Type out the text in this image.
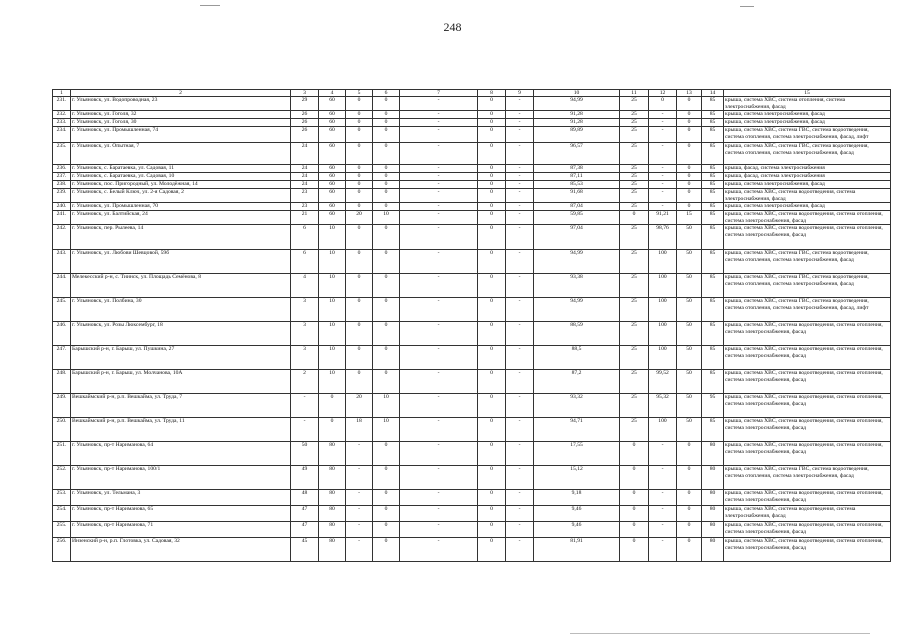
248
1	2	3	4	5	6	7	8	9	10	11	12	13	14	15
231.	г. Ульяновск, ул. Водопроводная, 23	29	60	0	0	-	0	-	94,99	25	0	0	85	крыша, система ХВС, система отопления, система электроснабжения, фасад
232.	г. Ульяновск, ул. Гоголя, 32	26	60	0	0	-	0	-	91,28	25	-	0	85	крыша, система электроснабжения, фасад
233.	г. Ульяновск, ул. Гоголя, 30	26	60	0	0	-	0	-	91,28	25	-	0	85	крыша, система электроснабжения, фасад
234.	г. Ульяновск, ул. Промышленная, 74	26	60	0	0	-	0	-	89,89	25	-	0	85	крыша, система ХВС, система ГВС, система водоотведения, система отопления, система электроснабжения, фасад, лифт
235.	г. Ульяновск, ул. Опытная, 7	24	60	0	0	-	0	-	96,57	25	-	0	85	крыша, система ХВС, система ГВС, система водоотведения, система отопления, система электроснабжения, фасад
236.	г. Ульяновск, с. Баратаевка, ул. Садовая, 11	24	60	0	0	-	0	-	87,38	25	-	0	85	крыша, фасад, система электроснабжения
237.	г. Ульяновск, с. Баратаевка, ул. Садовая, 10	24	60	0	0	-	0	-	87,11	25	-	0	85	крыша, фасад, система электроснабжения
238.	г. Ульяновск, пос. Пригородный, ул. Молодёжная, 14	24	60	0	0	-	0	-	85,53	25	-	0	85	крыша, система электроснабжения, фасад
239.	г. Ульяновск, с. Белый Ключ, ул. 2-я Садовая, 2	23	60	0	0	-	0	-	91,68	25	-	0	85	крыша, система ХВС, система водоотведения, система электроснабжения, фасад
240.	г. Ульяновск, ул. Промышленная, 70	23	60	0	0	-	0	-	87,04	25	-	0	85	крыша, система электроснабжения, фасад
241.	г. Ульяновск, ул. Балтийская, 24	21	60	20	10	-	0	-	59,85	0	91,21	15	85	крыша, система ХВС, система водоотведения, система отопления, система электроснабжения, фасад
242.	г. Ульяновск, пер. Рылеева, 14	6	10	0	0	-	0	-	97,04	25	98,76	50	85	крыша, система ХВС, система водоотведения, система отопления, система электроснабжения, фасад
243.	г. Ульяновск, ул. Любови Шевцовой, 59б	6	10	0	0	-	0	-	94,99	25	100	50	85	крыша, система ХВС, система ГВС, система водоотведения, система отопления, система электроснабжения, фасад
244.	Мелекесский р-н, с. Тиинск, ул. Площадь Семёнова, 8	4	10	0	0	-	0	-	93,38	25	100	50	85	крыша, система ХВС, система ГВС, система водоотведения, система отопления, система электроснабжения, фасад
245.	г. Ульяновск, ул. Полбина, 30	3	10	0	0	-	0	-	94,99	25	100	50	85	крыша, система ХВС, система ГВС, система водоотведения, система отопления, система электроснабжения, фасад, лифт
246.	г. Ульяновск, ул. Розы Люксембург, 18	3	10	0	0	-	0	-	88,59	25	100	50	85	крыша, система ХВС, система водоотведения, система отопления, система электроснабжения, фасад
247.	Барышский р-н, г. Барыш, ул. Пушкина, 27	3	10	0	0	-	0	-	88,5	25	100	50	85	крыша, система ХВС, система водоотведения, система отопления, система электроснабжения, фасад
248.	Барышский р-н, г. Барыш, ул. Молчанова, 10А	2	10	0	0	-	0	-	87,2	25	99,52	50	85	крыша, система ХВС, система водоотведения, система отопления, система электроснабжения, фасад
249.	Вешкаймский р-н, р.п. Вешкайма, ул. Труда, 7	-	0	20	10	-	0	-	93,32	25	95,32	50	95	крыша, система ХВС, система водоотведения, система отопления, система электроснабжения, фасад
250.	Вешкаймский р-н, р.п. Вешкайма, ул. Труда, 11	-	0	18	10	-	0	-	94,71	25	100	50	85	крыша, система ХВС, система водоотведения, система отопления, система электроснабжения, фасад
251.	г. Ульяновск, пр-т Нариманова, 64	50	80	-	0	-	0	-	17,55	0	-	0	80	крыша, система ХВС, система водоотведения, система отопления, система электроснабжения, фасад
252.	г. Ульяновск, пр-т Нариманова, 100/1	49	80	-	0	-	0	-	15,12	0	-	0	80	крыша, система ХВС, система ГВС, система водоотведения, система отопления, система электроснабжения, фасад
253.	г. Ульяновск, ул. Тельмана, 3	48	80	-	0	-	0	-	9,18	0	-	0	80	крыша, система ХВС, система водоотведения, система отопления, система электроснабжения, фасад
254.	г. Ульяновск, пр-т Нариманова, 65	47	80	-	0	-	0	-	9,46	0	-	0	80	крыша, система ХВС, система водоотведения, система электроснабжения, фасад
255.	г. Ульяновск, пр-т Нариманова, 71	47	80	-	0	-	0	-	9,46	0	-	0	80	крыша, система ХВС, система водоотведения, система отопления, система электроснабжения, фасад
256.	Инзенский р-н, р.п. Глотовка, ул. Садовая, 32	45	80	-	0	-	0	-	81,91	0	-	0	80	крыша, система ХВС, система водоотведения, система отопления, система электроснабжения, фасад
